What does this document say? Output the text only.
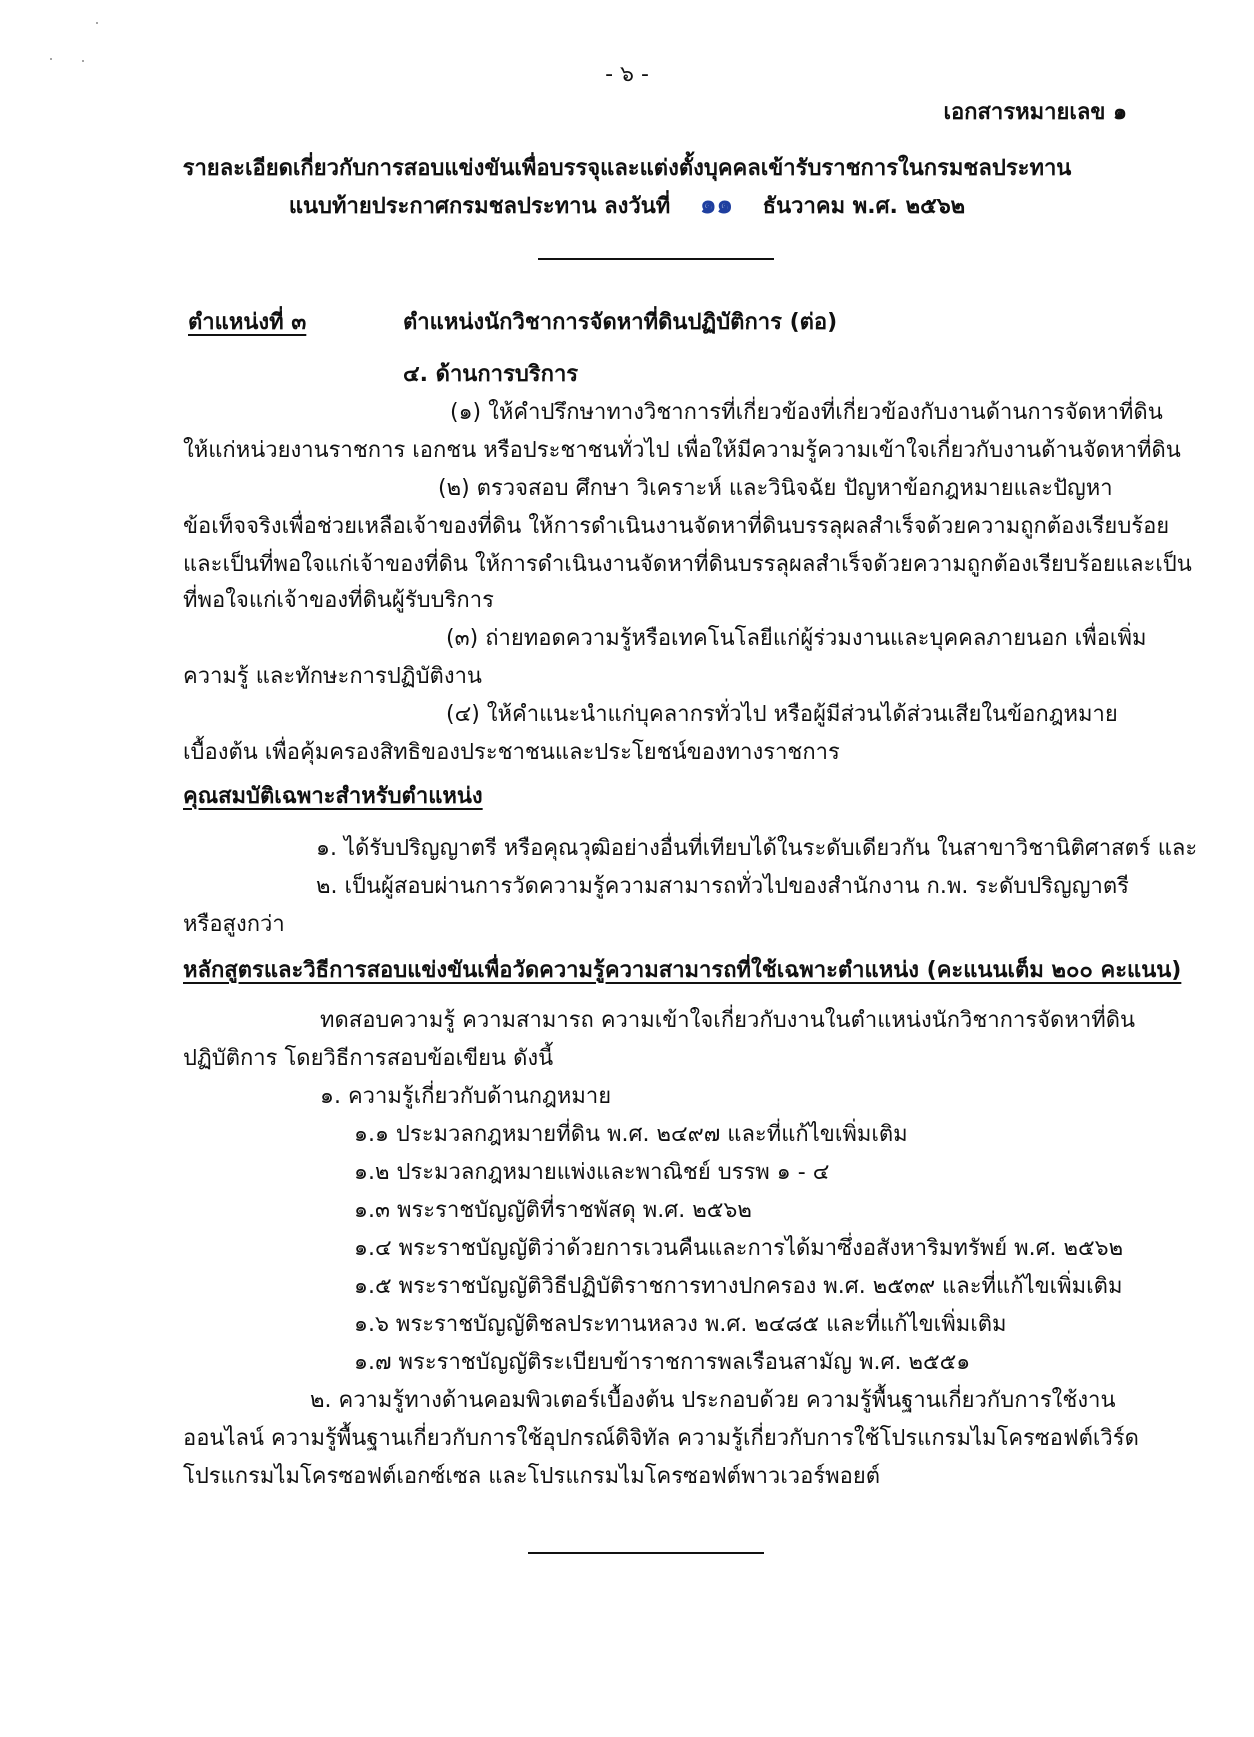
- ๖ -
เอกสารหมายเลข ๑
รายละเอียดเกี่ยวกับการสอบแข่งขันเพื่อบรรจุและแต่งตั้งบุคคลเข้ารับราชการในกรมชลประทาน
แนบท้ายประกาศกรมชลประทาน ลงวันที่ ๑๑ ธันวาคม พ.ศ. ๒๕๖๒
ตำแหน่งที่ ๓	ตำแหน่งนักวิชาการจัดหาที่ดินปฏิบัติการ (ต่อ)
๔. ด้านการบริการ
(๑) ให้คำปรึกษาทางวิชาการที่เกี่ยวข้องที่เกี่ยวข้องกับงานด้านการจัดหาที่ดิน
ให้แก่หน่วยงานราชการ เอกชน หรือประชาชนทั่วไป เพื่อให้มีความรู้ความเข้าใจเกี่ยวกับงานด้านจัดหาที่ดิน
(๒) ตรวจสอบ ศึกษา วิเคราะห์ และวินิจฉัย ปัญหาข้อกฎหมายและปัญหา
ข้อเท็จจริงเพื่อช่วยเหลือเจ้าของที่ดิน ให้การดำเนินงานจัดหาที่ดินบรรลุผลสำเร็จด้วยความถูกต้องเรียบร้อย
และเป็นที่พอใจแก่เจ้าของที่ดิน ให้การดำเนินงานจัดหาที่ดินบรรลุผลสำเร็จด้วยความถูกต้องเรียบร้อยและเป็น
ที่พอใจแก่เจ้าของที่ดินผู้รับบริการ
(๓) ถ่ายทอดความรู้หรือเทคโนโลยีแก่ผู้ร่วมงานและบุคคลภายนอก เพื่อเพิ่ม
ความรู้ และทักษะการปฏิบัติงาน
(๔) ให้คำแนะนำแก่บุคลากรทั่วไป หรือผู้มีส่วนได้ส่วนเสียในข้อกฎหมาย
เบื้องต้น เพื่อคุ้มครองสิทธิของประชาชนและประโยชน์ของทางราชการ
คุณสมบัติเฉพาะสำหรับตำแหน่ง
๑. ได้รับปริญญาตรี หรือคุณวุฒิอย่างอื่นที่เทียบได้ในระดับเดียวกัน ในสาขาวิชานิติศาสตร์ และ
๒. เป็นผู้สอบผ่านการวัดความรู้ความสามารถทั่วไปของสำนักงาน ก.พ. ระดับปริญญาตรี
หรือสูงกว่า
หลักสูตรและวิธีการสอบแข่งขันเพื่อวัดความรู้ความสามารถที่ใช้เฉพาะตำแหน่ง (คะแนนเต็ม ๒๐๐ คะแนน)
ทดสอบความรู้ ความสามารถ ความเข้าใจเกี่ยวกับงานในตำแหน่งนักวิชาการจัดหาที่ดิน
ปฏิบัติการ โดยวิธีการสอบข้อเขียน ดังนี้
๑. ความรู้เกี่ยวกับด้านกฎหมาย
๑.๑ ประมวลกฎหมายที่ดิน พ.ศ. ๒๔๙๗ และที่แก้ไขเพิ่มเติม
๑.๒ ประมวลกฎหมายแพ่งและพาณิชย์ บรรพ ๑ - ๔
๑.๓ พระราชบัญญัติที่ราชพัสดุ พ.ศ. ๒๕๖๒
๑.๔ พระราชบัญญัติว่าด้วยการเวนคืนและการได้มาซึ่งอสังหาริมทรัพย์ พ.ศ. ๒๕๖๒
๑.๕ พระราชบัญญัติวิธีปฏิบัติราชการทางปกครอง พ.ศ. ๒๕๓๙ และที่แก้ไขเพิ่มเติม
๑.๖ พระราชบัญญัติชลประทานหลวง พ.ศ. ๒๔๘๕ และที่แก้ไขเพิ่มเติม
๑.๗ พระราชบัญญัติระเบียบข้าราชการพลเรือนสามัญ พ.ศ. ๒๕๕๑
๒. ความรู้ทางด้านคอมพิวเตอร์เบื้องต้น ประกอบด้วย ความรู้พื้นฐานเกี่ยวกับการใช้งาน
ออนไลน์ ความรู้พื้นฐานเกี่ยวกับการใช้อุปกรณ์ดิจิทัล ความรู้เกี่ยวกับการใช้โปรแกรมไมโครซอฟต์เวิร์ด
โปรแกรมไมโครซอฟต์เอกซ์เซล และโปรแกรมไมโครซอฟต์พาวเวอร์พอยต์
